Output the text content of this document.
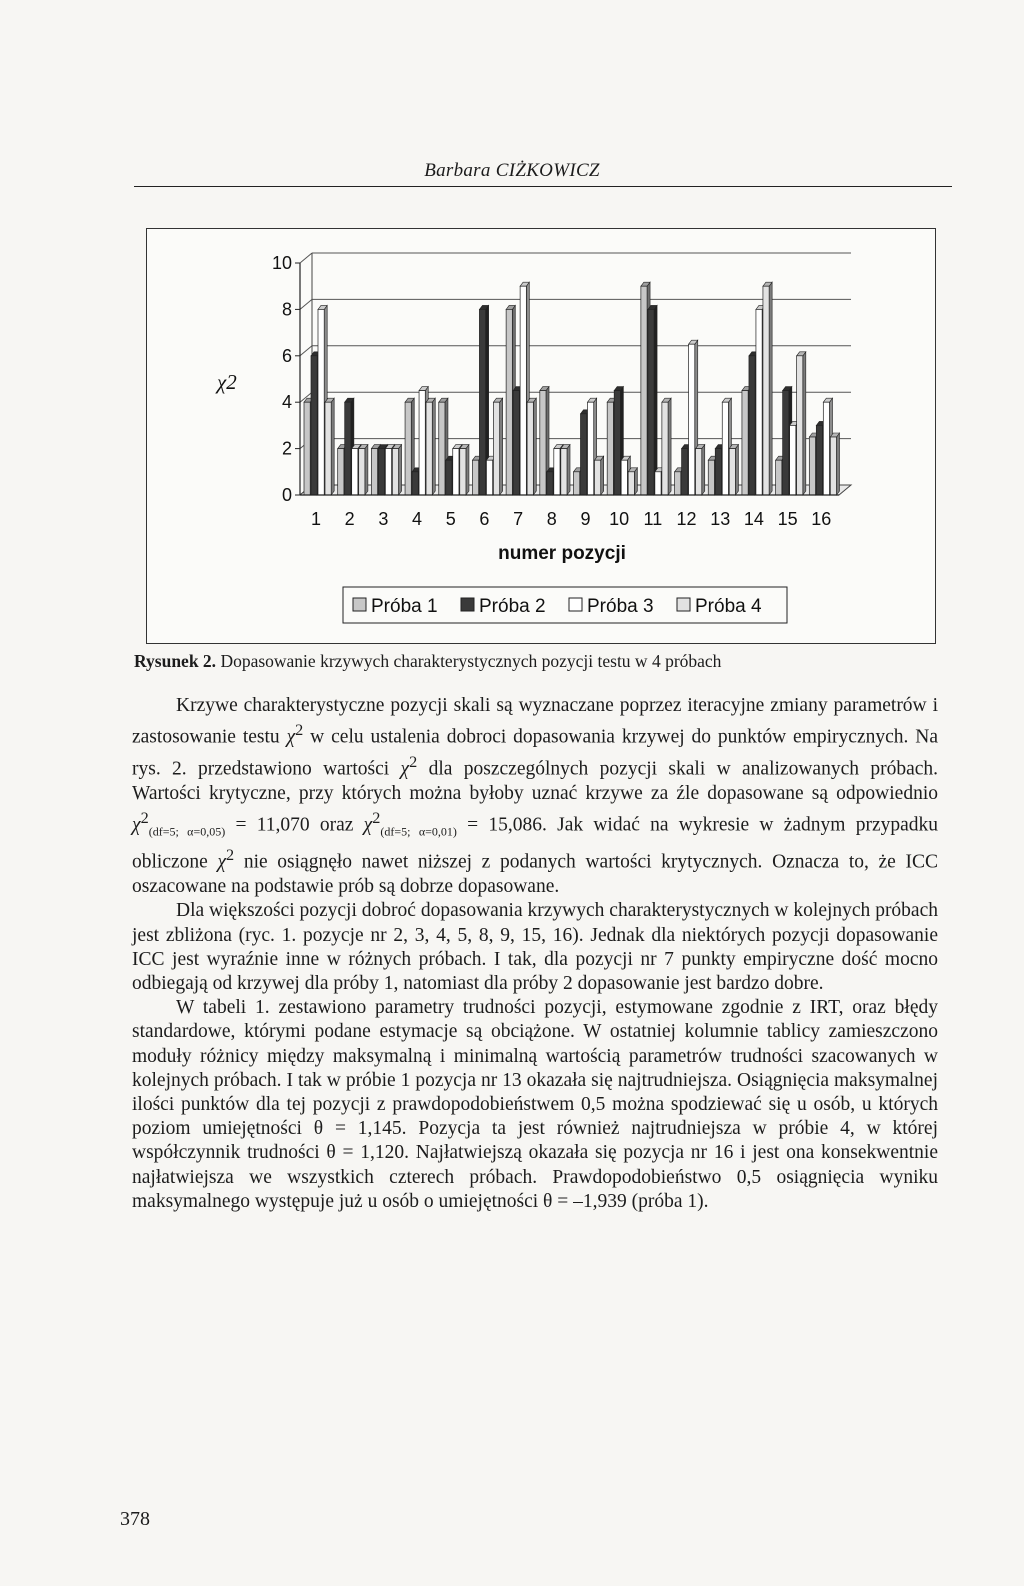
Barbara CIŻKOWICZ
0
2
4
6
8
10
χ2
1 2 3 4 5 6 7 8 9 10 11 12 13 14 15 16
numer pozycji
Próba 1 Próba 2 Próba 3 Próba 4
Rysunek 2. Dopasowanie krzywych charakterystycznych pozycji testu w 4 próbach

Krzywe charakterystyczne pozycji skali są wyznaczane poprzez iteracyjne zmiany parametrów i zastosowanie testu $\chi^2$ w celu ustalenia dobroci dopasowania krzywej do punktów empirycznych. Na rys. 2. przedstawiono wartości $\chi^2$ dla poszczególnych pozycji skali w analizowanych próbach. Wartości krytyczne, przy których można byłoby uznać krzywe za źle dopasowane są odpowiednio $\chi^2_{(df=5; \alpha=0,05)} = 11,070$ oraz $\chi^2_{(df=5; \alpha=0,01)} = 15,086$. Jak widać na wykresie w żadnym przypadku obliczone $\chi^2$ nie osiągnęło nawet niższej z podanych wartości krytycznych. Oznacza to, że ICC oszacowane na podstawie prób są dobrze dopasowane.

Dla większości pozycji dobroć dopasowania krzywych charakterystycznych w kolejnych próbach jest zbliżona (ryc. 1. pozycje nr 2, 3, 4, 5, 8, 9, 15, 16). Jednak dla niektórych pozycji dopasowanie ICC jest wyraźnie inne w różnych próbach. I tak, dla pozycji nr 7 punkty empiryczne dość mocno odbiegają od krzywej dla próby 1, natomiast dla próby 2 dopasowanie jest bardzo dobre.

W tabeli 1. zestawiono parametry trudności pozycji, estymowane zgodnie z IRT, oraz błędy standardowe, którymi podane estymacje są obciążone. W ostatniej kolumnie tablicy zamieszczono moduły różnicy między maksymalną i minimalną wartością parametrów trudności szacowanych w kolejnych próbach. I tak w próbie 1 pozycja nr 13 okazała się najtrudniejsza. Osiągnięcia maksymalnej ilości punktów dla tej pozycji z prawdopodobieństwem 0,5 można spodziewać się u osób, u których poziom umiejętności θ = 1,145. Pozycja ta jest również najtrudniejsza w próbie 4, w której współczynnik trudności θ = 1,120. Najłatwiejszą okazała się pozycja nr 16 i jest ona konsekwentnie najłatwiejsza we wszystkich czterech próbach. Prawdopodobieństwo 0,5 osiągnięcia wyniku maksymalnego występuje już u osób o umiejętności θ = –1,939 (próba 1).

378
